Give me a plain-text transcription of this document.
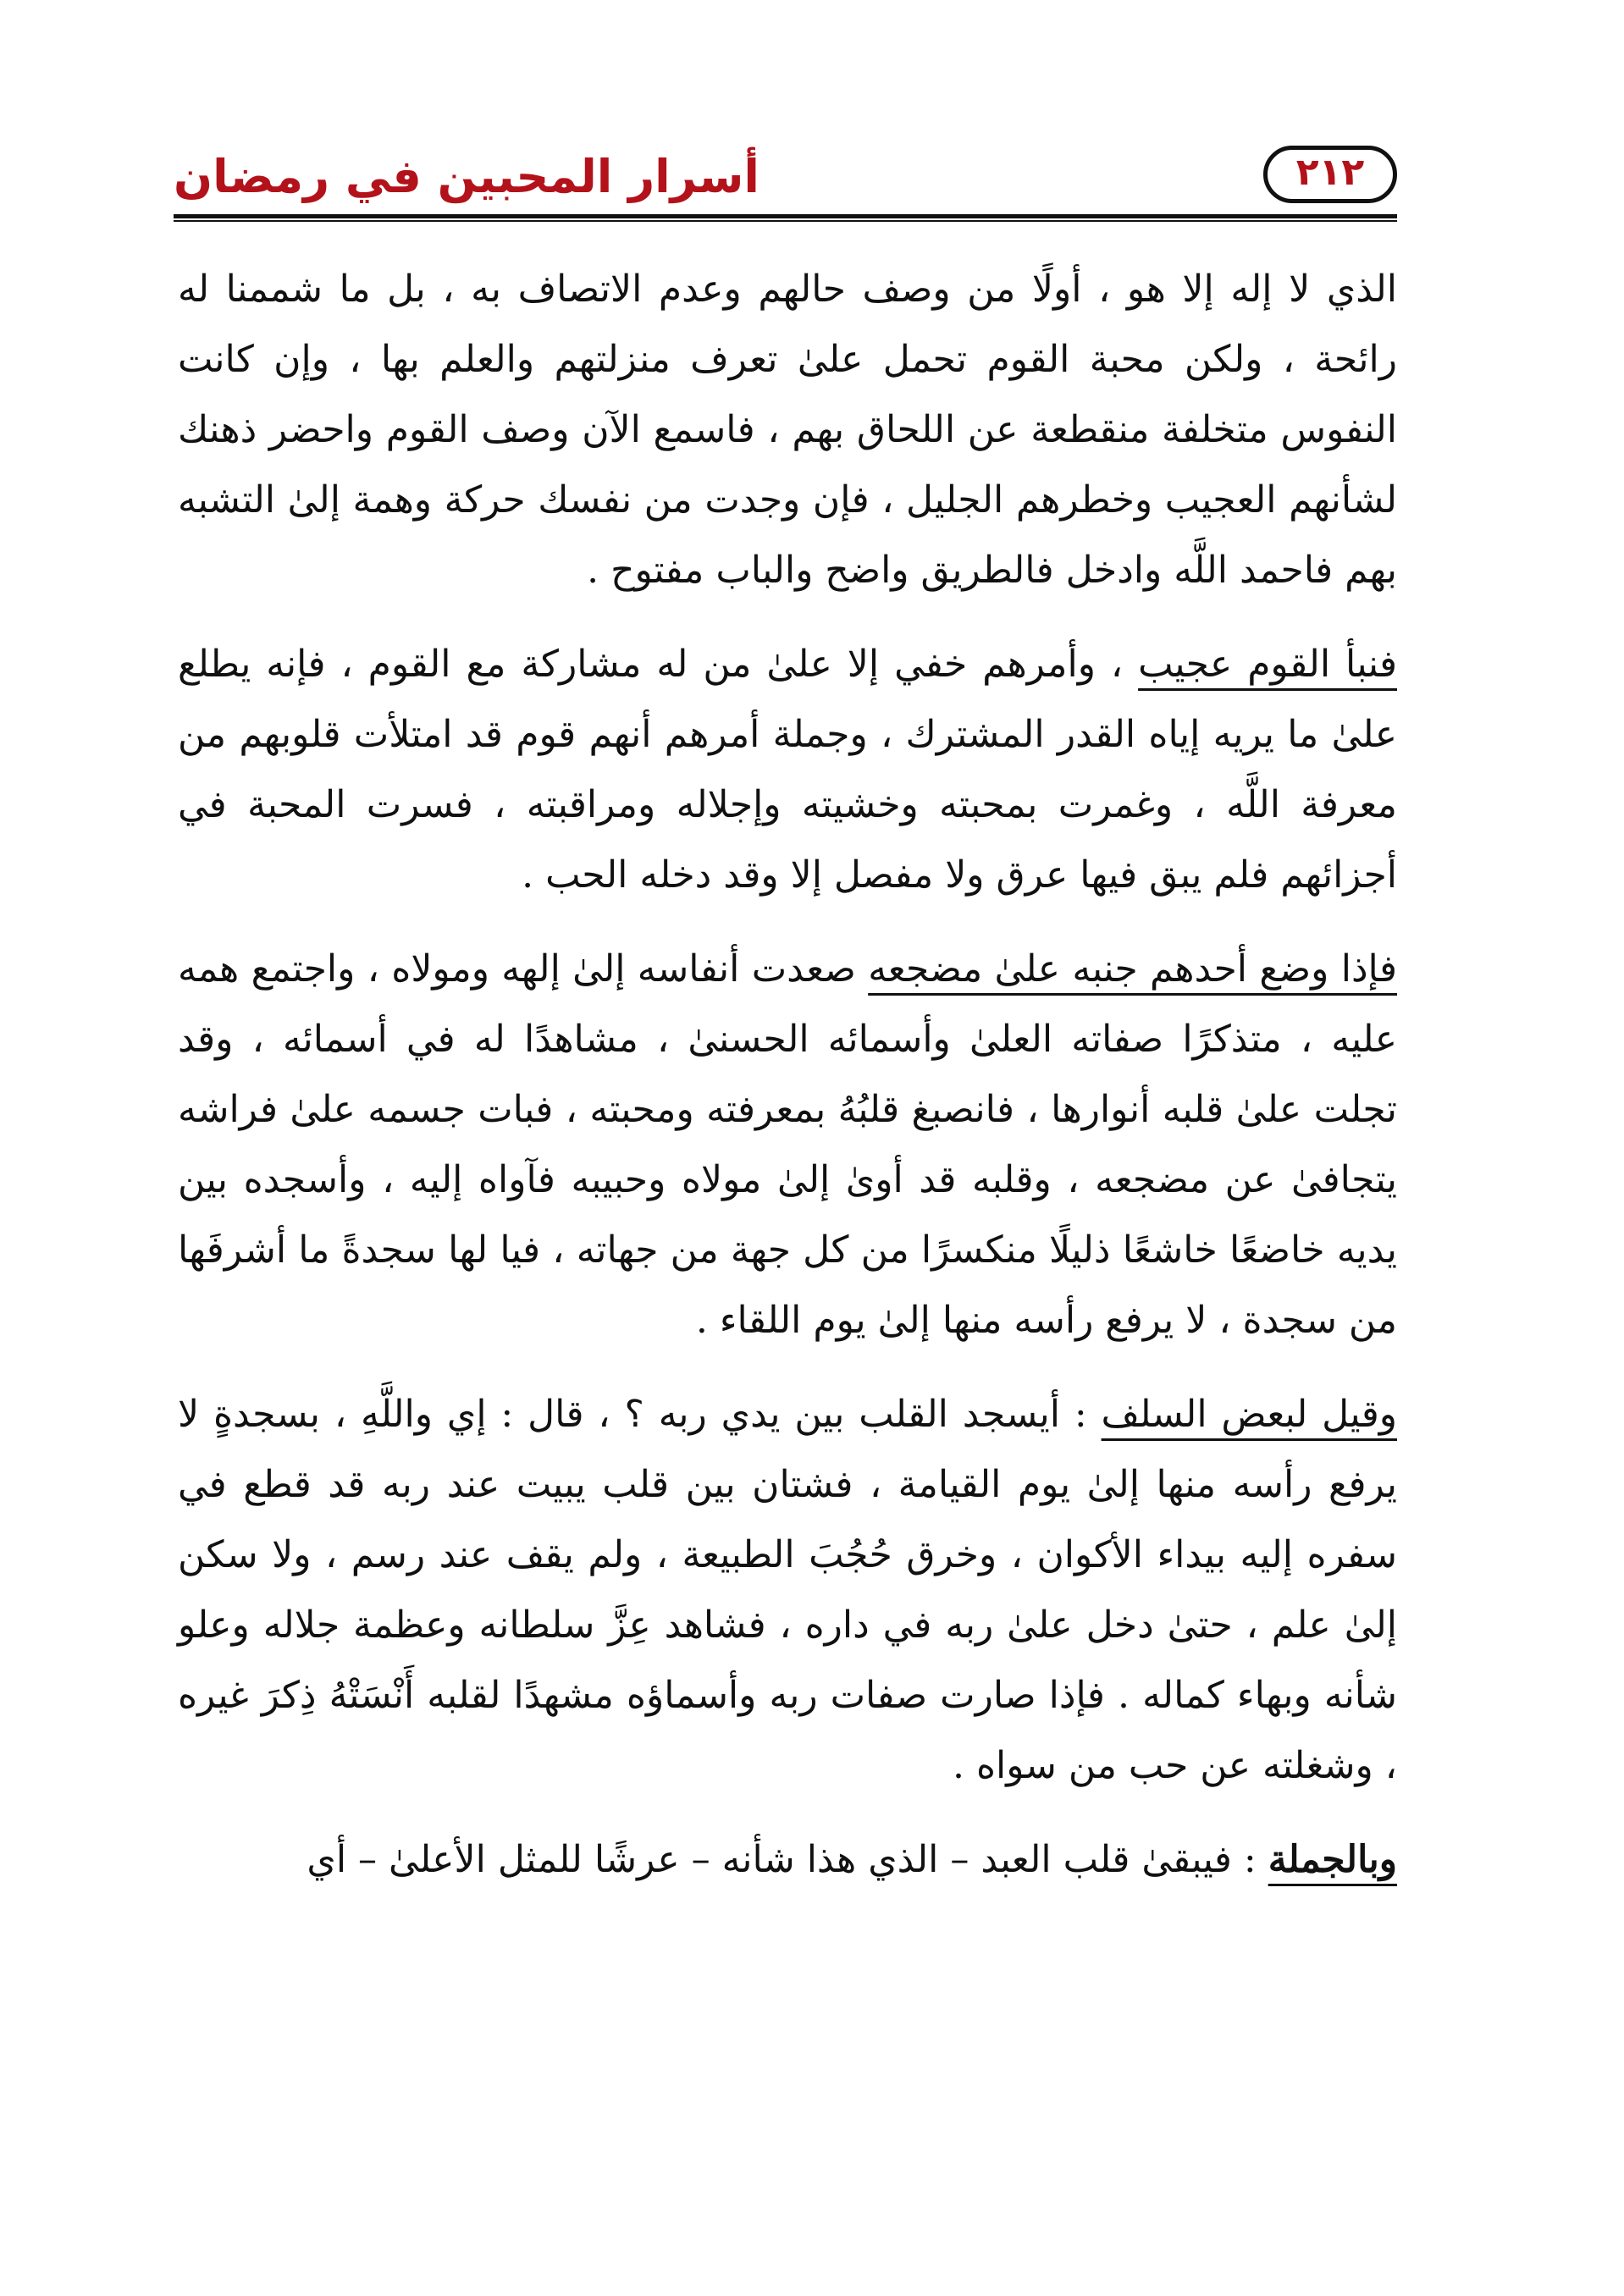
أسرار المحبين في رمضان	٢١٢

الذي لا إله إلا هو ، أولًا من وصف حالهم وعدم الاتصاف به ، بل ما شممنا له رائحة ، ولكن محبة القوم تحمل علىٰ تعرف منزلتهم والعلم بها ، وإن كانت النفوس متخلفة منقطعة عن اللحاق بهم ، فاسمع الآن وصف القوم واحضر ذهنك لشأنهم العجيب وخطرهم الجليل ، فإن وجدت من نفسك حركة وهمة إلىٰ التشبه بهم فاحمد اللَّه وادخل فالطريق واضح والباب مفتوح .

فنبأ القوم عجيب ، وأمرهم خفي إلا علىٰ من له مشاركة مع القوم ، فإنه يطلع علىٰ ما يريه إياه القدر المشترك ، وجملة أمرهم أنهم قوم قد امتلأت قلوبهم من معرفة اللَّه ، وغمرت بمحبته وخشيته وإجلاله ومراقبته ، فسرت المحبة في أجزائهم فلم يبق فيها عرق ولا مفصل إلا وقد دخله الحب .

فإذا وضع أحدهم جنبه علىٰ مضجعه صعدت أنفاسه إلىٰ إلهه ومولاه ، واجتمع همه عليه ، متذكرًا صفاته العلىٰ وأسمائه الحسنىٰ ، مشاهدًا له في أسمائه ، وقد تجلت علىٰ قلبه أنوارها ، فانصبغ قلبُهُ بمعرفته ومحبته ، فبات جسمه علىٰ فراشه يتجافىٰ عن مضجعه ، وقلبه قد أوىٰ إلىٰ مولاه وحبيبه فآواه إليه ، وأسجده بين يديه خاضعًا خاشعًا ذليلًا منكسرًا من كل جهة من جهاته ، فيا لها سجدةً ما أشرفَها من سجدة ، لا يرفع رأسه منها إلىٰ يوم اللقاء .

وقيل لبعض السلف : أيسجد القلب بين يدي ربه ؟ ، قال : إي واللَّهِ ، بسجدةٍ لا يرفع رأسه منها إلىٰ يوم القيامة ، فشتان بين قلب يبيت عند ربه قد قطع في سفره إليه بيداء الأكوان ، وخرق حُجُبَ الطبيعة ، ولم يقف عند رسم ، ولا سكن إلىٰ علم ، حتىٰ دخل علىٰ ربه في داره ، فشاهد عِزَّ سلطانه وعظمة جلاله وعلو شأنه وبهاء كماله . فإذا صارت صفات ربه وأسماؤه مشهدًا لقلبه أَنْسَتْهُ ذِكرَ غيره ، وشغلته عن حب من سواه .

وبالجملة : فيبقىٰ قلب العبد – الذي هذا شأنه – عرشًا للمثل الأعلىٰ – أي
